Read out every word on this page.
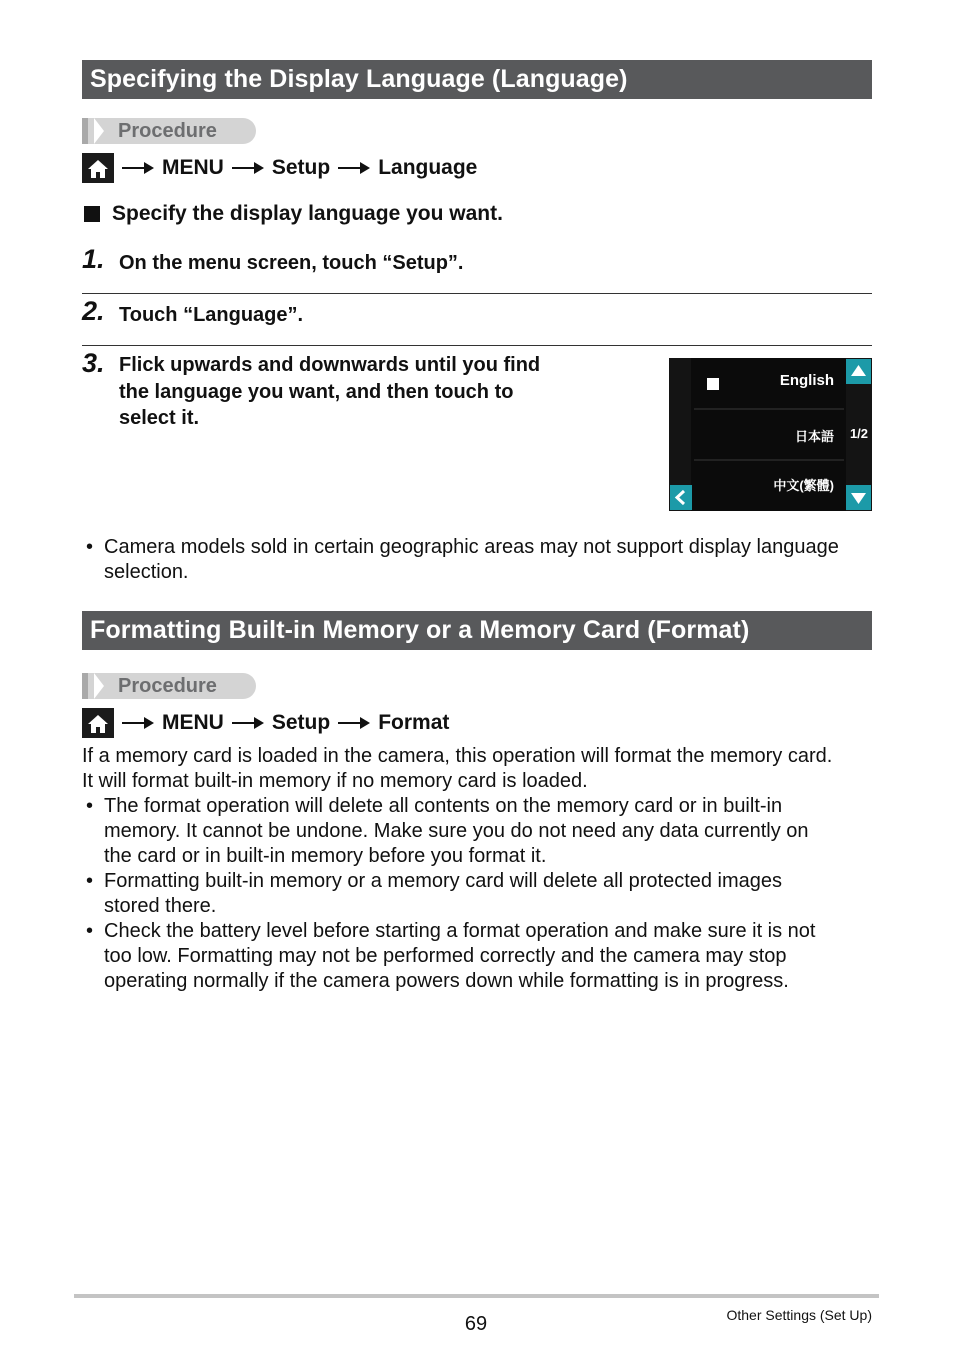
Specifying the Display Language (Language)
Procedure
MENU Setup Language
Specify the display language you want.
1. On the menu screen, touch “Setup”.
2. Touch “Language”.
3. Flick upwards and downwards until you find
the language you want, and then touch to
select it.
English
日本語
中文(繁體)
1/2
• Camera models sold in certain geographic areas may not support display language
selection.
Formatting Built-in Memory or a Memory Card (Format)
Procedure
MENU Setup Format
If a memory card is loaded in the camera, this operation will format the memory card.
It will format built-in memory if no memory card is loaded.
• The format operation will delete all contents on the memory card or in built-in
memory. It cannot be undone. Make sure you do not need any data currently on
the card or in built-in memory before you format it.
• Formatting built-in memory or a memory card will delete all protected images
stored there.
• Check the battery level before starting a format operation and make sure it is not
too low. Formatting may not be performed correctly and the camera may stop
operating normally if the camera powers down while formatting is in progress.
69	Other Settings (Set Up)
